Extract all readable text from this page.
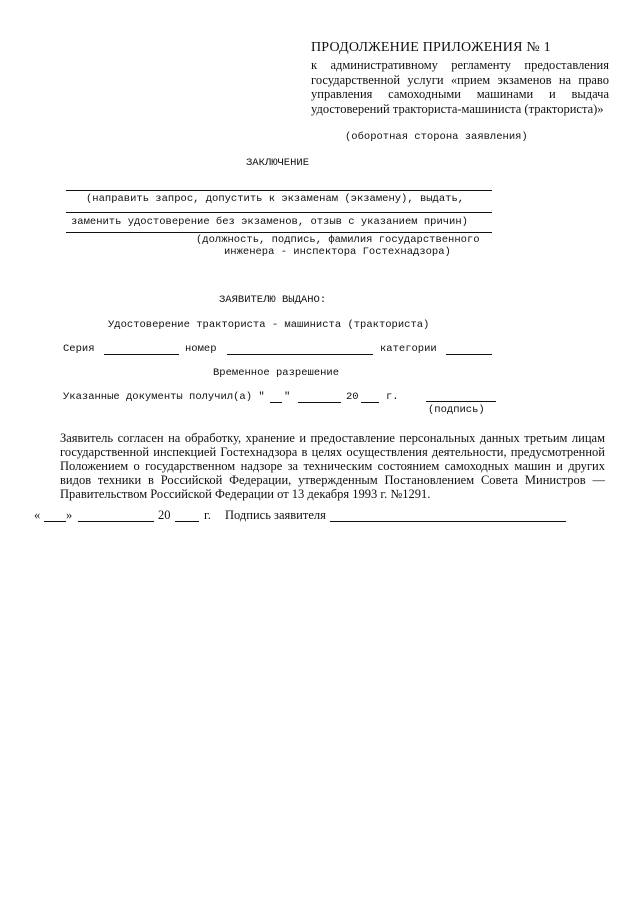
ПРОДОЛЖЕНИЕ ПРИЛОЖЕНИЯ № 1
к административному регламенту предоставления государственной услуги «прием экзаменов на право управления самоходными машинами и выдача удостоверений тракториста-машиниста (тракториста)»
(оборотная сторона заявления)
ЗАКЛЮЧЕНИЕ
(направить запрос, допустить к экзаменам (экзамену), выдать,
заменить удостоверение без экзаменов, отзыв с указанием причин)
(должность, подпись, фамилия государственного
инженера - инспектора Гостехнадзора)
ЗАЯВИТЕЛЮ ВЫДАНО:
Удостоверение тракториста - машиниста (тракториста)
Серия	номер	категории
Временное разрешение
Указанные документы получил(а) " "	20	г.
(подпись)
Заявитель согласен на обработку, хранение и предоставление персональных данных третьим лицам государственной инспекцией Гостехнадзора в целях осуществления деятельности, предусмотренной Положением о государственном надзоре за техническим состоянием самоходных машин и других видов техники в Российской Федерации, утвержденным Постановлением Совета Министров — Правительством Российской Федерации от 13 декабря 1993 г. №1291.
« »	20	г. Подпись заявителя
